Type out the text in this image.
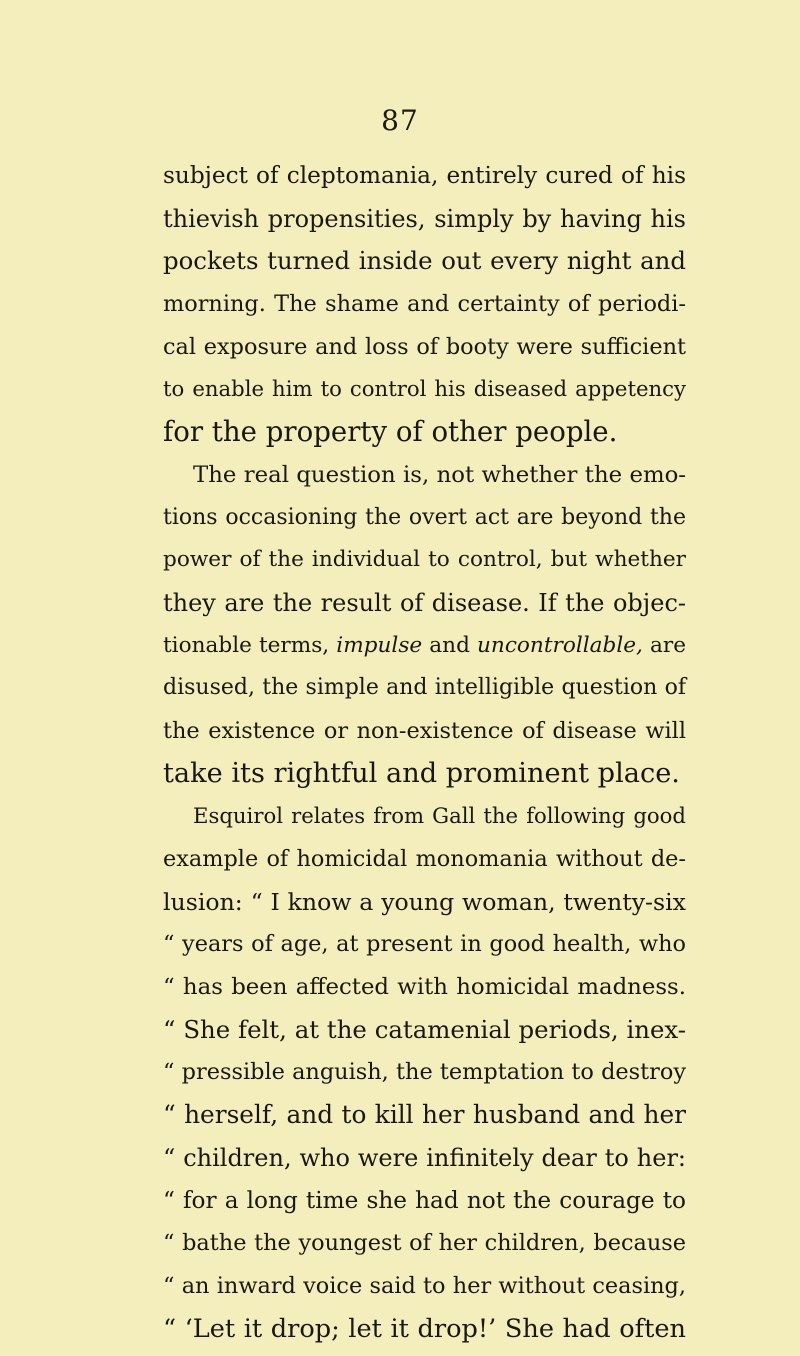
87
subject of cleptomania, entirely cured of his
thievish propensities, simply by having his
pockets turned inside out every night and
morning. The shame and certainty of periodi-
cal exposure and loss of booty were sufficient
to enable him to control his diseased appetency
for the property of other people.
The real question is, not whether the emo-
tions occasioning the overt act are beyond the
power of the individual to control, but whether
they are the result of disease. If the objec-
tionable terms, impulse and uncontrollable, are
disused, the simple and intelligible question of
the existence or non-existence of disease will
take its rightful and prominent place.
Esquirol relates from Gall the following good
example of homicidal monomania without de-
lusion: “ I know a young woman, twenty-six
“ years of age, at present in good health, who
“ has been affected with homicidal madness.
“ She felt, at the catamenial periods, inex-
“ pressible anguish, the temptation to destroy
“ herself, and to kill her husband and her
“ children, who were infinitely dear to her:
“ for a long time she had not the courage to
“ bathe the youngest of her children, because
“ an inward voice said to her without ceasing,
“ ‘Let it drop; let it drop!’ She had often
